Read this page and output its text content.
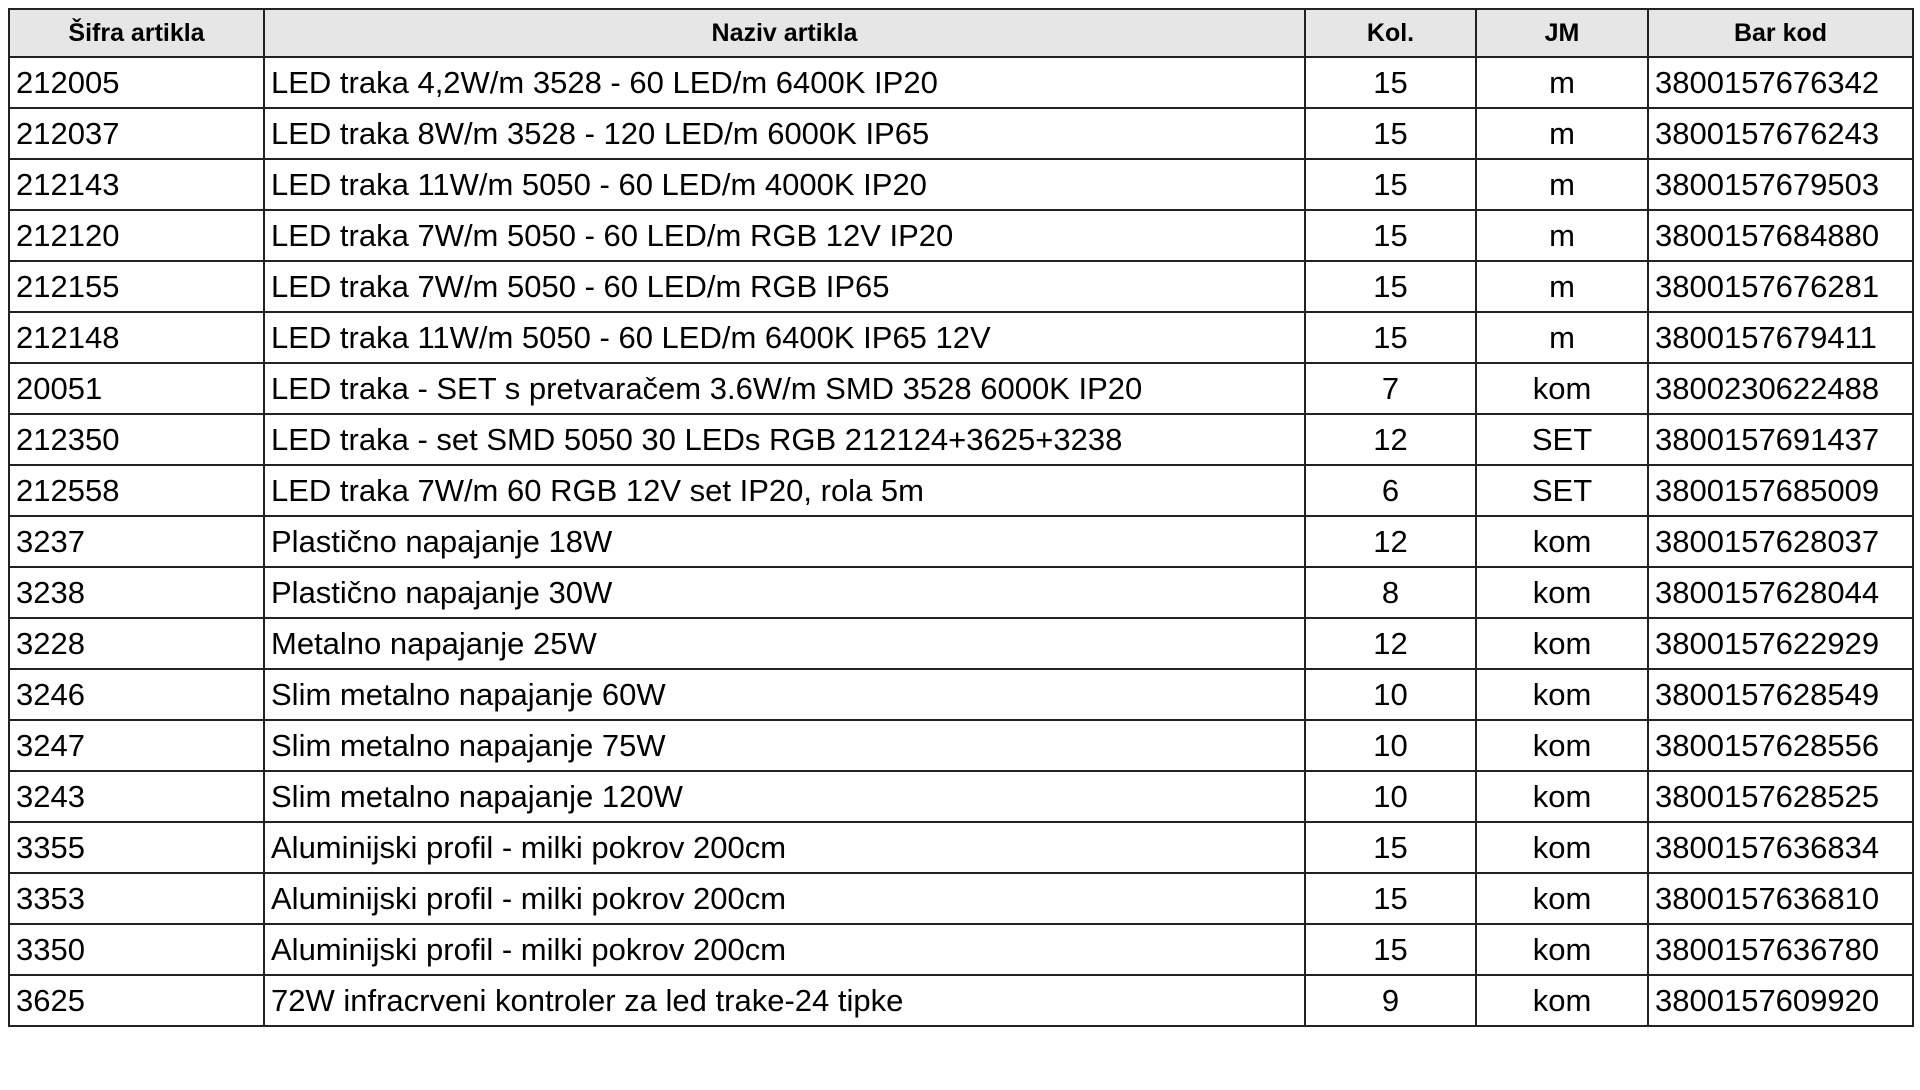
Šifra artikla	Naziv artikla	Kol.	JM	Bar kod
212005	LED traka 4,2W/m 3528 - 60 LED/m 6400K IP20	15	m	3800157676342
212037	LED traka 8W/m 3528 - 120 LED/m 6000K IP65	15	m	3800157676243
212143	LED traka 11W/m 5050 - 60 LED/m 4000K IP20	15	m	3800157679503
212120	LED traka 7W/m 5050 - 60 LED/m RGB 12V IP20	15	m	3800157684880
212155	LED traka 7W/m 5050 - 60 LED/m RGB IP65	15	m	3800157676281
212148	LED traka 11W/m 5050 - 60 LED/m 6400K IP65 12V	15	m	3800157679411
20051	LED traka - SET s pretvaračem 3.6W/m SMD 3528 6000K IP20	7	kom	3800230622488
212350	LED traka - set SMD 5050 30 LEDs RGB 212124+3625+3238	12	SET	3800157691437
212558	LED traka 7W/m 60 RGB 12V set IP20, rola 5m	6	SET	3800157685009
3237	Plastično napajanje 18W	12	kom	3800157628037
3238	Plastično napajanje 30W	8	kom	3800157628044
3228	Metalno napajanje 25W	12	kom	3800157622929
3246	Slim metalno napajanje 60W	10	kom	3800157628549
3247	Slim metalno napajanje 75W	10	kom	3800157628556
3243	Slim metalno napajanje 120W	10	kom	3800157628525
3355	Aluminijski profil - milki pokrov 200cm	15	kom	3800157636834
3353	Aluminijski profil - milki pokrov 200cm	15	kom	3800157636810
3350	Aluminijski profil - milki pokrov 200cm	15	kom	3800157636780
3625	72W infracrveni kontroler za led trake-24 tipke	9	kom	3800157609920
